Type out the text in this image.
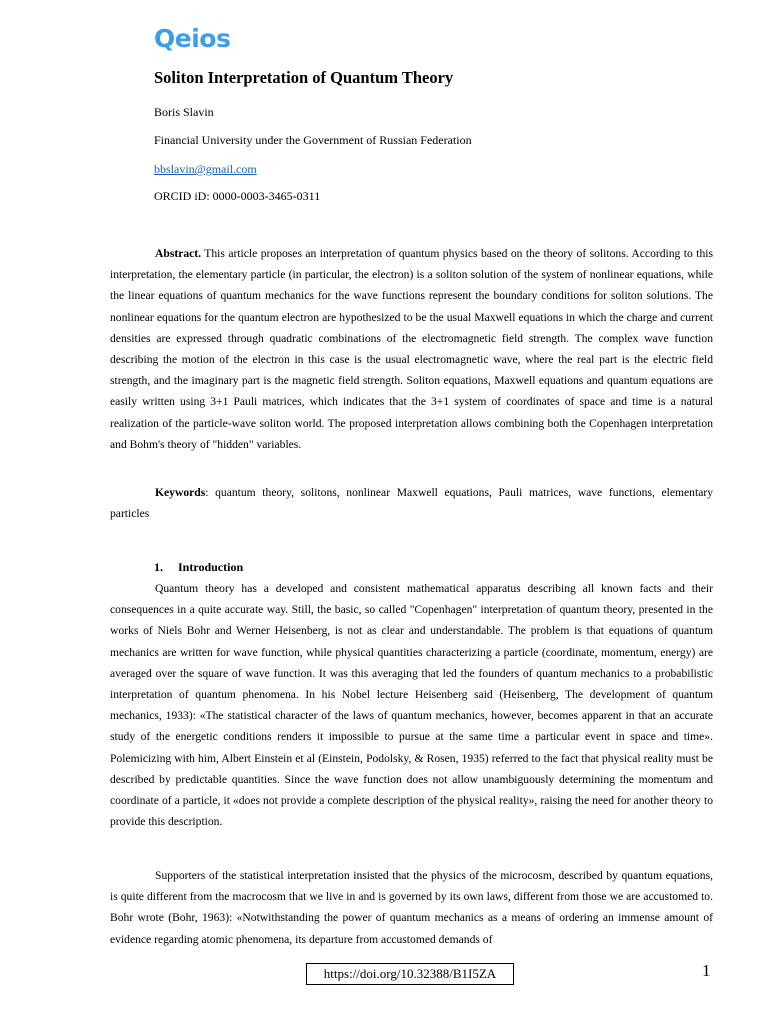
Qeios
Soliton Interpretation of Quantum Theory
Boris Slavin
Financial University under the Government of Russian Federation
bbslavin@gmail.com
ORCID iD: 0000-0003-3465-0311

Abstract. This article proposes an interpretation of quantum physics based on the theory of solitons. According to this interpretation, the elementary particle (in particular, the electron) is a soliton solution of the system of nonlinear equations, while the linear equations of quantum mechanics for the wave functions represent the boundary conditions for soliton solutions. The nonlinear equations for the quantum electron are hypothesized to be the usual Maxwell equations in which the charge and current densities are expressed through quadratic combinations of the electromagnetic field strength. The complex wave function describing the motion of the electron in this case is the usual electromagnetic wave, where the real part is the electric field strength, and the imaginary part is the magnetic field strength. Soliton equations, Maxwell equations and quantum equations are easily written using 3+1 Pauli matrices, which indicates that the 3+1 system of coordinates of space and time is a natural realization of the particle-wave soliton world. The proposed interpretation allows combining both the Copenhagen interpretation and Bohm's theory of "hidden" variables.

Keywords: quantum theory, solitons, nonlinear Maxwell equations, Pauli matrices, wave functions, elementary particles

1. Introduction

Quantum theory has a developed and consistent mathematical apparatus describing all known facts and their consequences in a quite accurate way. Still, the basic, so called "Copenhagen" interpretation of quantum theory, presented in the works of Niels Bohr and Werner Heisenberg, is not as clear and understandable. The problem is that equations of quantum mechanics are written for wave function, while physical quantities characterizing a particle (coordinate, momentum, energy) are averaged over the square of wave function. It was this averaging that led the founders of quantum mechanics to a probabilistic interpretation of quantum phenomena. In his Nobel lecture Heisenberg said (Heisenberg, The development of quantum mechanics, 1933): «The statistical character of the laws of quantum mechanics, however, becomes apparent in that an accurate study of the energetic conditions renders it impossible to pursue at the same time a particular event in space and time». Polemicizing with him, Albert Einstein et al (Einstein, Podolsky, & Rosen, 1935) referred to the fact that physical reality must be described by predictable quantities. Since the wave function does not allow unambiguously determining the momentum and coordinate of a particle, it «does not provide a complete description of the physical reality», raising the need for another theory to provide this description.

Supporters of the statistical interpretation insisted that the physics of the microcosm, described by quantum equations, is quite different from the macrocosm that we live in and is governed by its own laws, different from those we are accustomed to. Bohr wrote (Bohr, 1963): «Notwithstanding the power of quantum mechanics as a means of ordering an immense amount of evidence regarding atomic phenomena, its departure from accustomed demands of

https://doi.org/10.32388/B1I5ZA	1
